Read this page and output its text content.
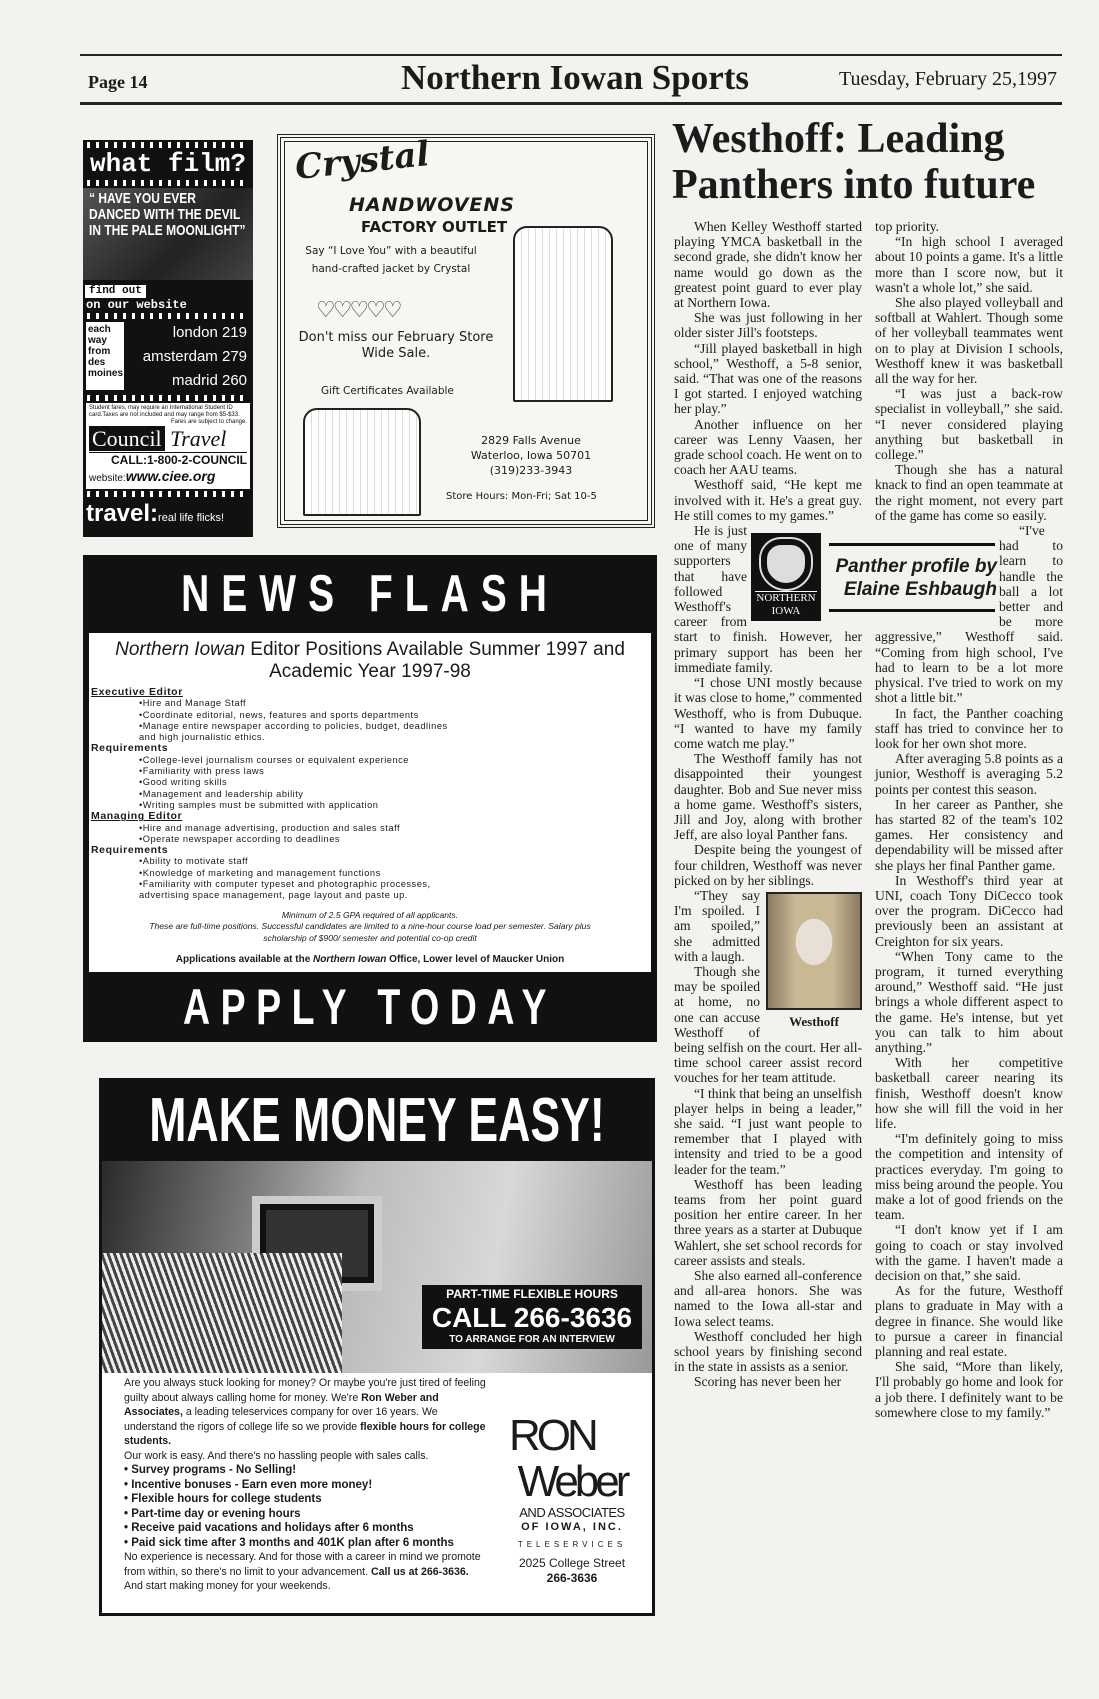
Page 14	Northern Iowan Sports	Tuesday, February 25,1997
what film?
“ HAVE YOU EVER DANCED WITH THE DEVIL IN THE PALE MOONLIGHT”
find out
on our website
each way from des moines
london 219
amsterdam 279
madrid 260
Student fares, may require an International Student ID card.Taxes are not included and may range from $5-$33.
Fares are subject to change.
Council Travel
CALL:1-800-2-COUNCIL
website:www.ciee.org
travel:real life flicks!
Crystal
HANDWOVENS
FACTORY OUTLET
Say “I Love You” with a beautiful hand-crafted jacket by Crystal
♡♡♡♡♡
Don't miss our February Store Wide Sale.
Gift Certificates Available
2829 Falls Avenue
Waterloo, Iowa 50701
(319)233-3943
Store Hours: Mon-Fri; Sat 10-5
Westhoff: Leading Panthers into future

When Kelley Westhoff started playing YMCA basketball in the second grade, she didn't know her name would go down as the greatest point guard to ever play at Northern Iowa.

She was just following in her older sister Jill's footsteps.

“Jill played basketball in high school,” Westhoff, a 5-8 senior, said. “That was one of the reasons I got started. I enjoyed watching her play.”

Another influence on her career was Lenny Vaasen, her grade school coach. He went on to coach her AAU teams.

Westhoff said, “He kept me involved with it. He's a great guy. He still comes to my games.”

He is just one of many supporters that have followed Westhoff's career from start to finish. However, her primary support has been her immediate family.

“I chose UNI mostly because it was close to home,” commented Westhoff, who is from Dubuque. “I wanted to have my family come watch me play.”

The Westhoff family has not disappointed their youngest daughter. Bob and Sue never miss a home game. Westhoff's sisters, Jill and Joy, along with brother Jeff, are also loyal Panther fans.

Despite being the youngest of four children, Westhoff was never picked on by her siblings.

Westhoff

“They say I'm spoiled. I am spoiled,” she admitted with a laugh.

Though she may be spoiled at home, no one can accuse Westhoff of being selfish on the court. Her all-time school career assist record vouches for her team attitude.

“I think that being an unselfish player helps in being a leader,” she said. “I just want people to remember that I played with intensity and tried to be a good leader for the team.”

Westhoff has been leading teams from her point guard position her entire career. In her three years as a starter at Dubuque Wahlert, she set school records for career assists and steals.

She also earned all-conference and all-area honors. She was named to the Iowa all-star and Iowa select teams.

Westhoff concluded her high school years by finishing second in the state in assists as a senior.

Scoring has never been her

top priority.

“In high school I averaged about 10 points a game. It's a little more than I score now, but it wasn't a whole lot,” she said.

She also played volleyball and softball at Wahlert. Though some of her volleyball teammates went on to play at Division I schools, Westhoff knew it was basketball all the way for her.

“I was just a back-row specialist in volleyball,” she said. “I never considered playing anything but basketball in college.”

Though she has a natural knack to find an open teammate at the right moment, not every part of the game has come so easily.

“I've had to learn to handle the ball a lot better and be more aggressive,” Westhoff said. “Coming from high school, I've had to learn to be a lot more physical. I've tried to work on my shot a little bit.”

In fact, the Panther coaching staff has tried to convince her to look for her own shot more.

After averaging 5.8 points as a junior, Westhoff is averaging 5.2 points per contest this season.

In her career as Panther, she has started 82 of the team's 102 games. Her consistency and dependability will be missed after she plays her final Panther game.

In Westhoff's third year at UNI, coach Tony DiCecco took over the program. DiCecco had previously been an assistant at Creighton for six years.

“When Tony came to the program, it turned everything around,” Westhoff said. “He just brings a whole different aspect to the game. He's intense, but yet you can talk to him about anything.”

With her competitive basketball career nearing its finish, Westhoff doesn't know how she will fill the void in her life.

“I'm definitely going to miss the competition and intensity of practices everyday. I'm going to miss being around the people. You make a lot of good friends on the team.

“I don't know yet if I am going to coach or stay involved with the game. I haven't made a decision on that,” she said.

As for the future, Westhoff plans to graduate in May with a degree in finance. She would like to pursue a career in financial planning and real estate.

She said, “More than likely, I'll probably go home and look for a job there. I definitely want to be somewhere close to my family.”

NORTHERN IOWA
Panther profile by
Elaine Eshbaugh
NEWS FLASH
Northern Iowan Editor Positions Available Summer 1997 and Academic Year 1997-98
Executive Editor
•Hire and Manage Staff
•Coordinate editorial, news, features and sports departments
•Manage entire newspaper according to policies, budget, deadlines
and high journalistic ethics.
Requirements
•College-level journalism courses or equivalent experience
•Familiarity with press laws
•Good writing skills
•Management and leadership ability
•Writing samples must be submitted with application
Managing Editor
•Hire and manage advertising, production and sales staff
•Operate newspaper according to deadlines
Requirements
•Ability to motivate staff
•Knowledge of marketing and management functions
•Familiarity with computer typeset and photographic processes,
advertising space management, page layout and paste up.
Minimum of 2.5 GPA required of all applicants.
These are full-time positions. Successful candidates are limited to a nine-hour course load per semester. Salary plus scholarship of $900/ semester and potential co-op credit
Applications available at the Northern Iowan Office, Lower level of Maucker Union
APPLY TODAY
MAKE MONEY EASY!
PART-TIME FLEXIBLE HOURS
CALL 266-3636
TO ARRANGE FOR AN INTERVIEW
Are you always stuck looking for money? Or maybe you're just tired of feeling guilty about always calling home for money. We're Ron Weber and Associates, a leading teleservices company for over 16 years. We understand the rigors of college life so we provide flexible hours for college students.
Our work is easy. And there's no hassling people with sales calls.
• Survey programs - No Selling!
• Incentive bonuses - Earn even more money!
• Flexible hours for college students
• Part-time day or evening hours
• Receive paid vacations and holidays after 6 months
• Paid sick time after 3 months and 401K plan after 6 months
No experience is necessary. And for those with a career in mind we promote from within, so there's no limit to your advancement. Call us at 266-3636.
And start making money for your weekends.
RON
Weber
AND ASSOCIATES
OF IOWA, INC.
TELESERVICES
2025 College Street
266-3636
